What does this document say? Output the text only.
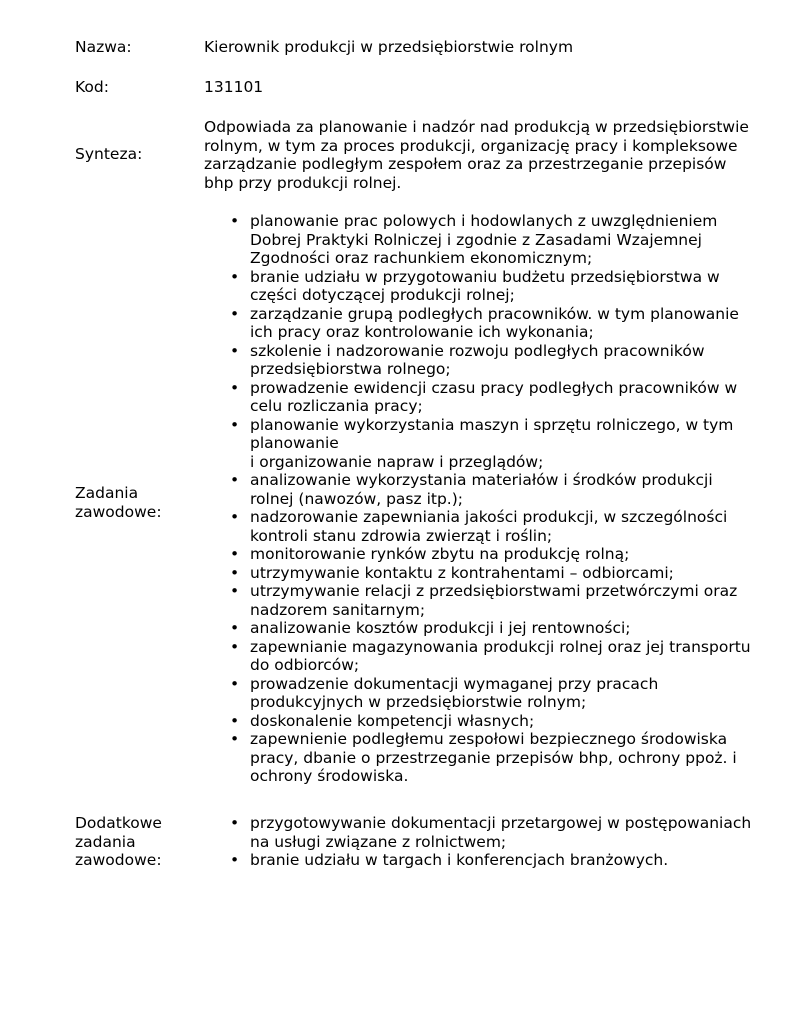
Nazwa:	Kierownik produkcji w przedsiębiorstwie rolnym
Kod:	131101
Synteza:
Odpowiada za planowanie i nadzór nad produkcją w przedsiębiorstwie rolnym, w tym za proces produkcji, organizację pracy i kompleksowe zarządzanie podległym zespołem oraz za przestrzeganie przepisów bhp przy produkcji rolnej.
Zadania zawodowe:
• planowanie prac polowych i hodowlanych z uwzględnieniem Dobrej Praktyki Rolniczej i zgodnie z Zasadami Wzajemnej Zgodności oraz rachunkiem ekonomicznym;
• branie udziału w przygotowaniu budżetu przedsiębiorstwa w części dotyczącej produkcji rolnej;
• zarządzanie grupą podległych pracowników. w tym planowanie ich pracy oraz kontrolowanie ich wykonania;
• szkolenie i nadzorowanie rozwoju podległych pracowników przedsiębiorstwa rolnego;
• prowadzenie ewidencji czasu pracy podległych pracowników w celu rozliczania pracy;
• planowanie wykorzystania maszyn i sprzętu rolniczego, w tym planowanie
i organizowanie napraw i przeglądów;
• analizowanie wykorzystania materiałów i środków produkcji rolnej (nawozów, pasz itp.);
• nadzorowanie zapewniania jakości produkcji, w szczególności kontroli stanu zdrowia zwierząt i roślin;
• monitorowanie rynków zbytu na produkcję rolną;
• utrzymywanie kontaktu z kontrahentami – odbiorcami;
• utrzymywanie relacji z przedsiębiorstwami przetwórczymi oraz nadzorem sanitarnym;
• analizowanie kosztów produkcji i jej rentowności;
• zapewnianie magazynowania produkcji rolnej oraz jej transportu do odbiorców;
• prowadzenie dokumentacji wymaganej przy pracach produkcyjnych w przedsiębiorstwie rolnym;
• doskonalenie kompetencji własnych;
• zapewnienie podległemu zespołowi bezpiecznego środowiska pracy, dbanie o przestrzeganie przepisów bhp, ochrony ppoż. i ochrony środowiska.
Dodatkowe zadania zawodowe:
• przygotowywanie dokumentacji przetargowej w postępowaniach na usługi związane z rolnictwem;
• branie udziału w targach i konferencjach branżowych.
